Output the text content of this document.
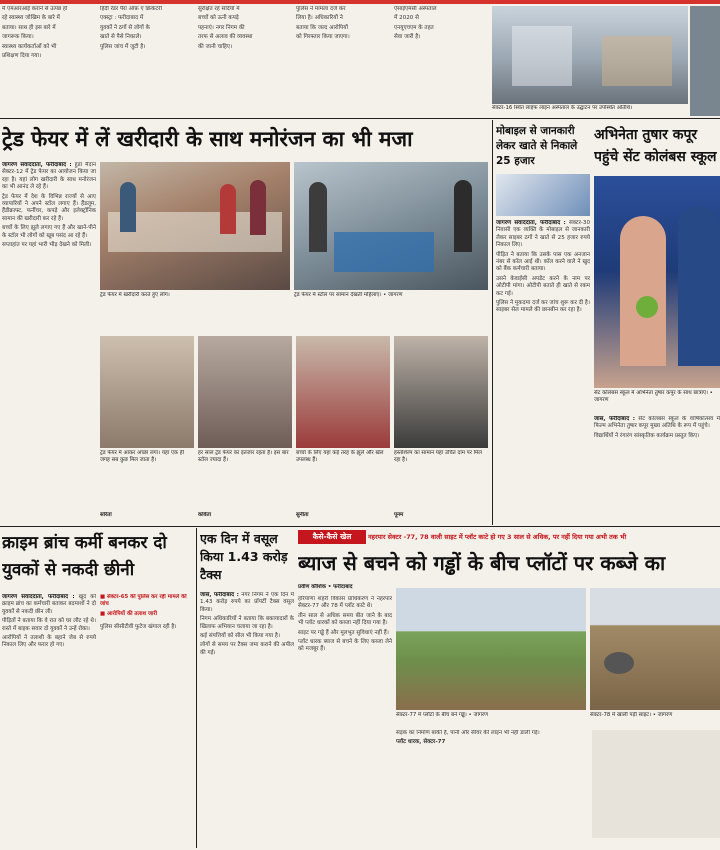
में एमआरआई कराने से उत्पन्न हो

रहे स्वास्थ्य जोखिम के बारे में

बताया। साथ ही इस बारे में

जागरूक किया।

स्वास्थ्य कार्यकर्ताओं को भी

प्रशिक्षण दिया गया।

हिंदी रेडर पैरा ऑफ़ ए क्रिकेटरी

एक्स्ट्रा : फरीदाबाद में

युवकों ने ठगों से लोगों के

खाते से पैसे निकाले।

पुलिस जांच में जुटी है।

सुरक्षित रहे सर्दियों में

बच्चों को ऊनी कपड़े

पहनाएं। नगर निगम की

तरफ से अलाव की व्यवस्था

की जानी चाहिए।

पुलिस ने मामला दर्ज कर

लिया है। अधिकारियों ने

बताया कि जल्द आरोपियों

को गिरफ्तार किया जाएगा।

ऐसाईएमसी अस्पताल

में 2020 से

एनयूएचएम के तहत

सेवा जारी है।

सेक्टर-16 स्थित लाइफ लाइन अस्पताल के उद्घाटन पर उपस्थित अतिथि।
ट्रेड फेयर में लें खरीदारी के साथ मनोरंजन का भी मजा

जागरण संवाददाता, फरीदाबाद : हुडा मैदान सेक्टर-12 में ट्रेड फेयर का आयोजन किया जा रहा है। यहां लोग खरीदारी के साथ मनोरंजन का भी आनंद ले रहे हैं।

ट्रेड फेयर में देश के विभिन्न राज्यों से आए व्यापारियों ने अपने स्टॉल लगाए हैं। हैंडलूम, हैंडीक्राफ्ट, फर्नीचर, कपड़े और इलेक्ट्रॉनिक सामान की खरीदारी कर रहे हैं।

बच्चों के लिए झूले लगाए गए हैं और खाने-पीने के स्टॉल भी लोगों को खूब पसंद आ रहे हैं।

सप्ताहांत पर यहां भारी भीड़ देखने को मिली।

ट्रेड फेयर में खरीदारी करते हुए लोग।	ट्रेड फेयर में स्टॉल पर सामान देखती महिलाएं। • जागरण
ट्रेड फेयर में आकर अच्छा लगा। यहां एक ही जगह सब कुछ मिल जाता है।
सरिता
हर साल ट्रेड फेयर का इंतजार रहता है। इस बार स्टॉल ज्यादा हैं।
कविता
बच्चों के लिए यहां कई तरह के झूले और खेल उपलब्ध हैं।
सुनीता
हस्तशिल्प का सामान यहां उचित दाम पर मिल रहा है।
पूनम
मोबाइल से जानकारी लेकर खाते से निकाले 25 हजार

जागरण संवाददाता, फरीदाबाद : सेक्टर-30 निवासी एक व्यक्ति के मोबाइल से जानकारी लेकर साइबर ठगों ने खाते से 25 हजार रुपये निकाल लिए।

पीड़ित ने बताया कि उसके पास एक अनजान नंबर से कॉल आई थी। कॉल करने वाले ने खुद को बैंक कर्मचारी बताया।

उसने केवाईसी अपडेट करने के नाम पर ओटीपी मांगा। ओटीपी बताते ही खाते से रकम कट गई।

पुलिस ने मुकदमा दर्ज कर जांच शुरू कर दी है। साइबर सेल मामले की छानबीन कर रहा है।

अभिनेता तुषार कपूर पहुंचे सेंट कोलंबस स्कूल
सेंट कोलंबस स्कूल में अभिनेता तुषार कपूर के साथ छात्राएं। • जागरण

जासं, फरीदाबाद : सेंट कोलंबस स्कूल के वार्षिकोत्सव में फिल्म अभिनेता तुषार कपूर मुख्य अतिथि के रूप में पहुंचे।

विद्यार्थियों ने रंगारंग सांस्कृतिक कार्यक्रम प्रस्तुत किए।

क्राइम ब्रांच कर्मी बनकर दो युवकों से नकदी छीनी

जागरण संवाददाता, फरीदाबाद : खुद को क्राइम ब्रांच का कर्मचारी बताकर बदमाशों ने दो युवकों से नकदी छीन ली।

पीड़ितों ने बताया कि वे रात को घर लौट रहे थे। रास्ते में बाइक सवार दो युवकों ने उन्हें रोका।

आरोपियों ने तलाशी के बहाने जेब से रुपये निकाल लिए और फरार हो गए।

■ सेक्टर-65 की पुलिस कर रही मामले की जांच
■ आरोपियों की तलाश जारी
पुलिस सीसीटीवी फुटेज खंगाल रही है।
एक दिन में वसूल किया 1.43 करोड़ टैक्स

जासं, फरीदाबाद : नगर निगम ने एक दिन में 1.43 करोड़ रुपये का प्रॉपर्टी टैक्स वसूल किया।

निगम अधिकारियों ने बताया कि बकायादारों के खिलाफ अभियान चलाया जा रहा है।

कई संपत्तियों को सील भी किया गया है।

लोगों से समय पर टैक्स जमा कराने की अपील की गई।

कैसे-कैसे खेल	नहरपार सेक्टर -77, 78 वाली साइट में प्लॉट काटे हो गए 3 साल से अधिक, पर नहीं दिया गया अभी तक भी
ब्याज से बचने को गड्ढों के बीच प्लॉटों पर कब्जे का
प्रवीण कौशिक • फरीदाबाद

हरियाणा शहरी विकास प्राधिकरण ने नहरपार सेक्टर-77 और 78 में प्लॉट काटे थे।

तीन साल से अधिक समय बीत जाने के बाद भी प्लॉट धारकों को कब्जा नहीं दिया गया है।

साइट पर गड्ढे हैं और मूलभूत सुविधाएं नहीं हैं।

प्लॉट धारक ब्याज से बचने के लिए कब्जा लेने को मजबूर हैं।

सेक्टर-77 में प्लॉटों के बीच बने गड्ढे। • जागरण	सेक्टर-78 में खाली पड़ी साइट। • जागरण

सड़क का निर्माण बाकी है, पानी और सीवर की लाइन भी नहीं डाली गई।

प्लॉट धारक, सेक्टर-77
